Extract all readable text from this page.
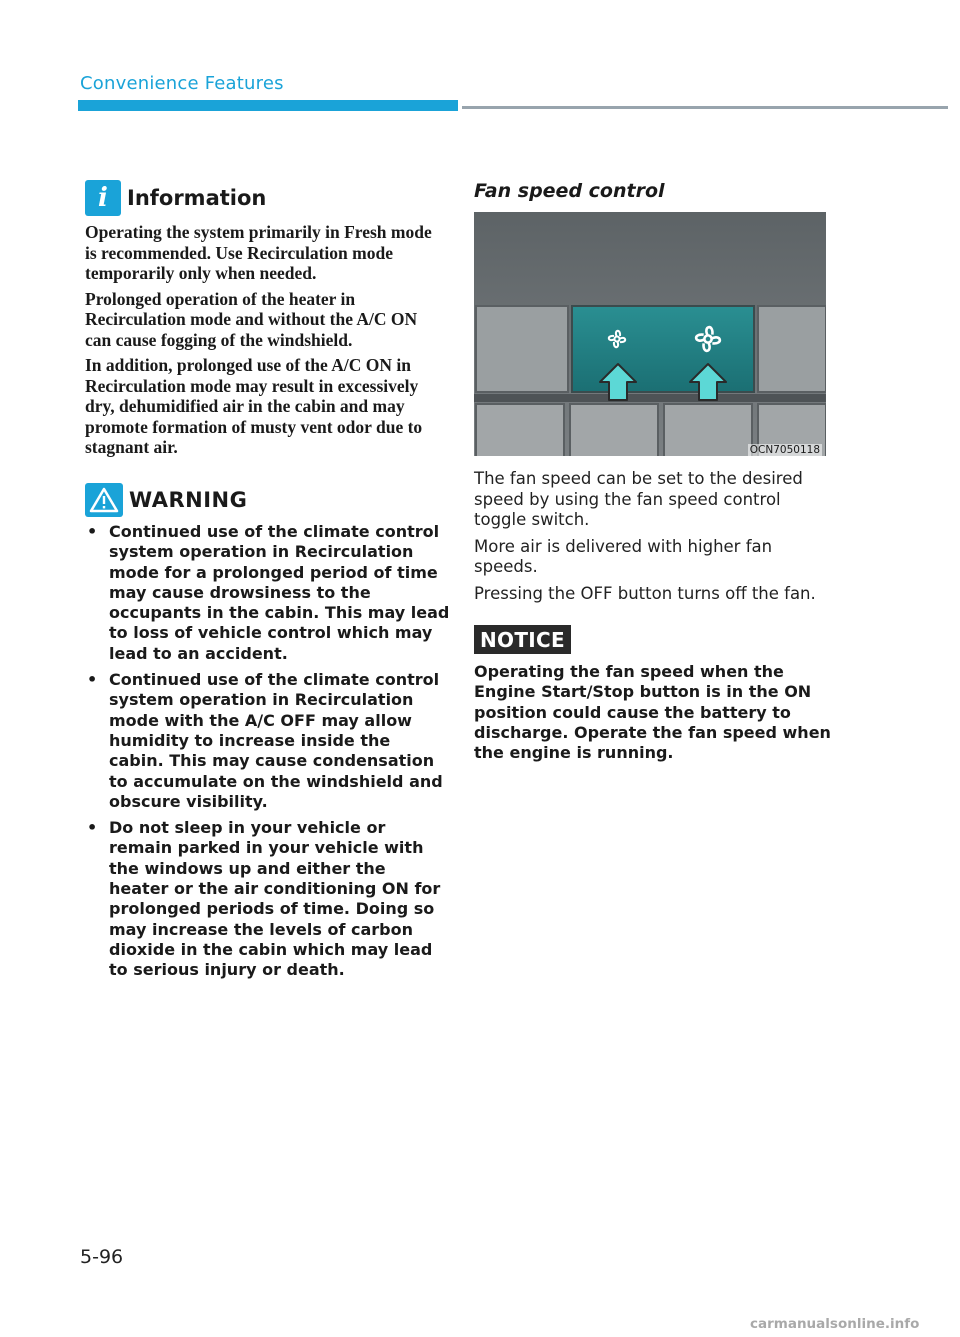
Convenience Features
i Information

Operating the system primarily in Fresh mode is recommended. Use Recirculation mode temporarily only when needed.

Prolonged operation of the heater in Recirculation mode and without the A/C ON can cause fogging of the windshield.

In addition, prolonged use of the A/C ON in Recirculation mode may result in excessively dry, dehumidified air in the cabin and may promote formation of musty vent odor due to stagnant air.

WARNING
• Continued use of the climate control system operation in Recirculation mode for a prolonged period of time may cause drowsiness to the occupants in the cabin. This may lead to loss of vehicle control which may lead to an accident.
• Continued use of the climate control system operation in Recirculation mode with the A/C OFF may allow humidity to increase inside the cabin. This may cause condensation to accumulate on the windshield and obscure visibility.
• Do not sleep in your vehicle or remain parked in your vehicle with the windows up and either the heater or the air conditioning ON for prolonged periods of time. Doing so may increase the levels of carbon dioxide in the cabin which may lead to serious injury or death.
Fan speed control
OCN7050118

The fan speed can be set to the desired speed by using the fan speed control toggle switch.

More air is delivered with higher fan speeds.

Pressing the OFF button turns off the fan.

NOTICE
Operating the fan speed when the Engine Start/Stop button is in the ON position could cause the battery to discharge. Operate the fan speed when the engine is running.
5-96
carmanualsonline.info
